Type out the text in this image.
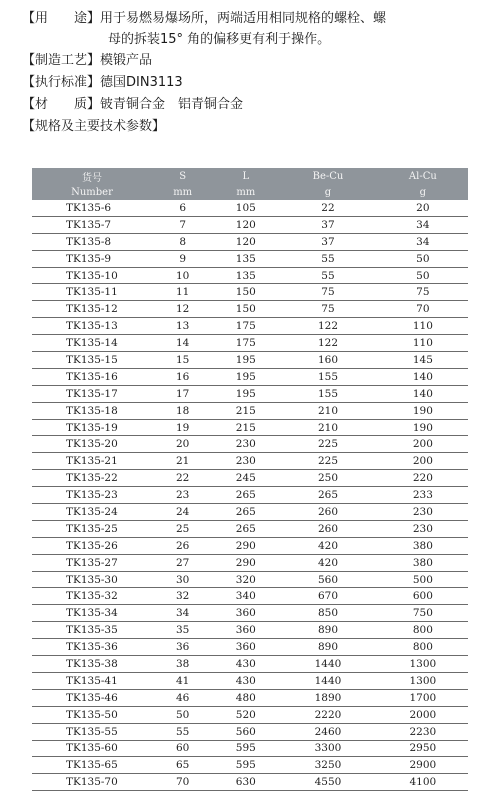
【用　　途】用于易燃易爆场所，两端适用相同规格的螺栓、螺
母的拆装15° 角的偏移更有利于操作。
【制造工艺】模锻产品
【执行标准】德国DIN3113
【材　　质】铍青铜合金　铝青铜合金
【规格及主要技术参数】
货号	S	L	Be-Cu	Al-Cu
Number	mm	mm	g	g
TK135-6	6	105	22	20
TK135-7	7	120	37	34
TK135-8	8	120	37	34
TK135-9	9	135	55	50
TK135-10	10	135	55	50
TK135-11	11	150	75	75
TK135-12	12	150	75	70
TK135-13	13	175	122	110
TK135-14	14	175	122	110
TK135-15	15	195	160	145
TK135-16	16	195	155	140
TK135-17	17	195	155	140
TK135-18	18	215	210	190
TK135-19	19	215	210	190
TK135-20	20	230	225	200
TK135-21	21	230	225	200
TK135-22	22	245	250	220
TK135-23	23	265	265	233
TK135-24	24	265	260	230
TK135-25	25	265	260	230
TK135-26	26	290	420	380
TK135-27	27	290	420	380
TK135-30	30	320	560	500
TK135-32	32	340	670	600
TK135-34	34	360	850	750
TK135-35	35	360	890	800
TK135-36	36	360	890	800
TK135-38	38	430	1440	1300
TK135-41	41	430	1440	1300
TK135-46	46	480	1890	1700
TK135-50	50	520	2220	2000
TK135-55	55	560	2460	2230
TK135-60	60	595	3300	2950
TK135-65	65	595	3250	2900
TK135-70	70	630	4550	4100
